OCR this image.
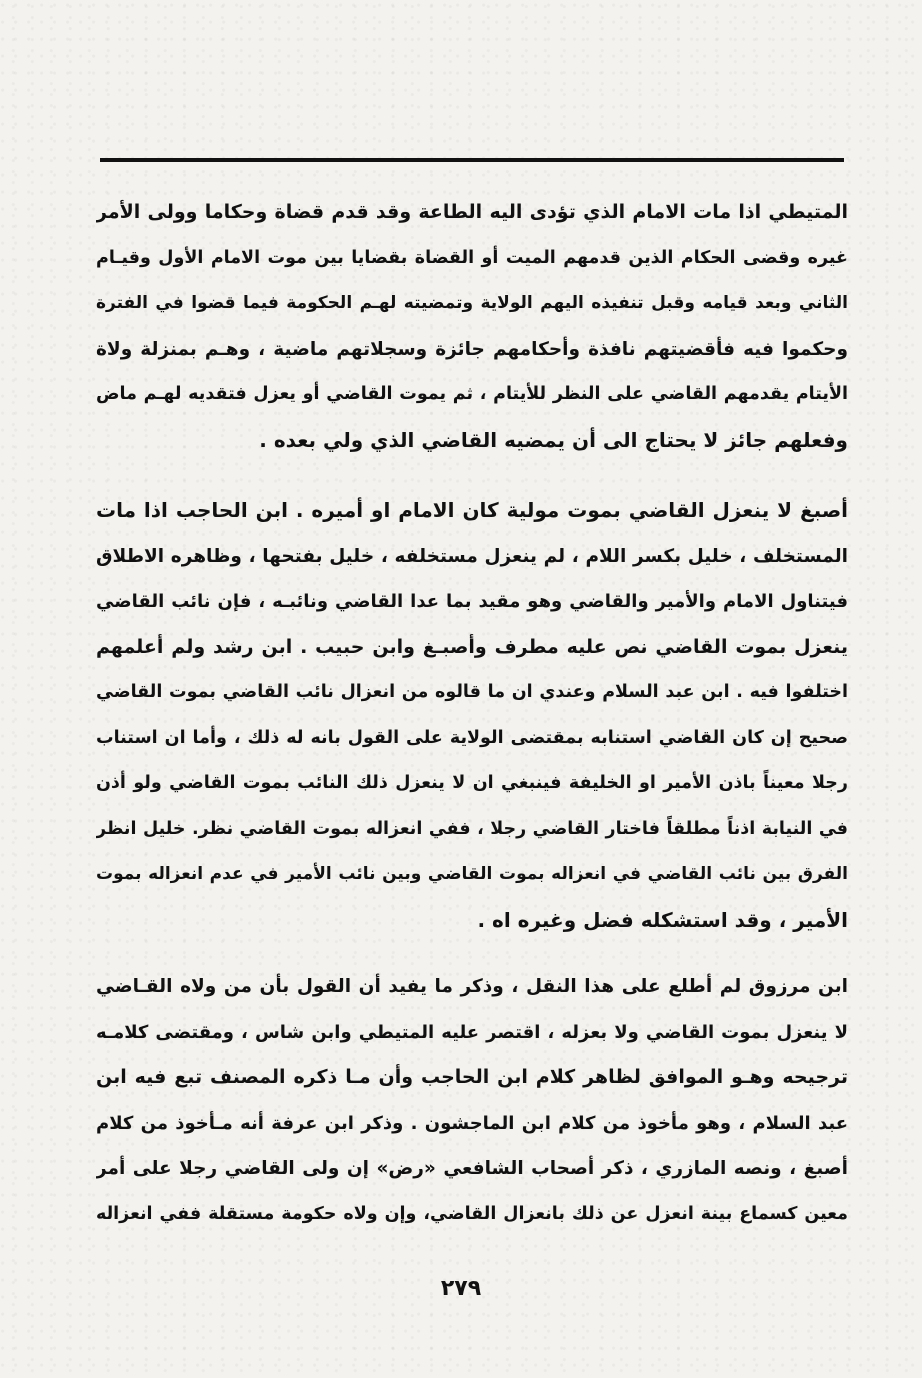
المتيطي اذا مات الامام الذي تؤدى اليه الطاعة وقد قدم قضاة وحكاما وولى الأمر
غيره وقضى الحكام الذين قدمهم الميت أو القضاة بقضايا بين موت الامام الأول وقيـام
الثاني وبعد قيامه وقبل تنفيذه اليهم الولاية وتمضيته لهـم الحكومة فيما قضوا في الفترة
وحكموا فيه فأقضيتهم نافذة وأحكامهم جائزة وسجلاتهم ماضية ، وهـم بمنزلة ولاة
الأيتام يقدمهم القاضي على النظر للأيتام ، ثم يموت القاضي أو يعزل فتقديه لهـم ماض
وفعلهم جائز لا يحتاج الى أن يمضيه القاضي الذي ولي بعده .

أصبغ لا ينعزل القاضي بموت مولية كان الامام او أميره . ابن الحاجب اذا مات
المستخلف ، خليل بكسر اللام ، لم ينعزل مستخلفه ، خليل بفتحها ، وظاهره الاطلاق
فيتناول الامام والأمير والقاضي وهو مقيد بما عدا القاضي ونائبـه ، فإن نائب القاضي
ينعزل بموت القاضي نص عليه مطرف وأصبـغ وابن حبيب . ابن رشد ولم أعلمهم
اختلفوا فيه . ابن عبد السلام وعندي ان ما قالوه من انعزال نائب القاضي بموت القاضي
صحيح إن كان القاضي استنابه بمقتضى الولاية على القول بانه له ذلك ، وأما ان استناب
رجلا معيناً باذن الأمير او الخليفة فينبغي ان لا ينعزل ذلك النائب بموت القاضي ولو أذن
في النيابة اذناً مطلقاً فاختار القاضي رجلا ، ففي انعزاله بموت القاضي نظر. خليل انظر
الفرق بين نائب القاضي في انعزاله بموت القاضي وبين نائب الأمير في عدم انعزاله بموت
الأمير ، وقد استشكله فضل وغيره اه .

ابن مرزوق لم أطلع على هذا النقل ، وذكر ما يفيد أن القول بأن من ولاه القـاضي
لا ينعزل بموت القاضي ولا بعزله ، اقتصر عليه المتيطي وابن شاس ، ومقتضى كلامـه
ترجيحه وهـو الموافق لظاهر كلام ابن الحاجب وأن مـا ذكره المصنف تبع فيه ابن
عبد السلام ، وهو مأخوذ من كلام ابن الماجشون . وذكر ابن عرفة أنه مـأخوذ من كلام
أصبغ ، ونصه المازري ، ذكر أصحاب الشافعي «رض» إن ولى القاضي رجلا على أمر
معين كسماع بينة انعزل عن ذلك بانعزال القاضي، وإن ولاه حكومة مستقلة ففي انعزاله

٢٧٩
